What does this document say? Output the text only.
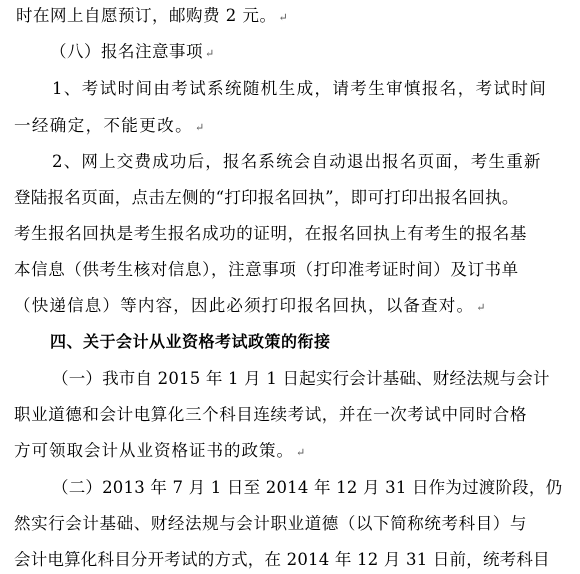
时在网上自愿预订，邮购费 2 元。 ↵
（八）报名注意事项 ↵
1、考试时间由考试系统随机生成，请考生审慎报名，考试时间
一经确定，不能更改。 ↵
2、网上交费成功后，报名系统会自动退出报名页面，考生重新
登陆报名页面，点击左侧的“打印报名回执”，即可打印出报名回执。
考生报名回执是考生报名成功的证明，在报名回执上有考生的报名基
本信息（供考生核对信息），注意事项（打印准考证时间）及订书单
（快递信息）等内容，因此必须打印报名回执，以备查对。 ↵
四、关于会计从业资格考试政策的衔接
（一）我市自 2015 年 1 月 1 日起实行会计基础、财经法规与会计
职业道德和会计电算化三个科目连续考试，并在一次考试中同时合格
方可领取会计从业资格证书的政策。 ↵
（二）2013 年 7 月 1 日至 2014 年 12 月 31 日作为过渡阶段，仍
然实行会计基础、财经法规与会计职业道德（以下简称统考科目）与
会计电算化科目分开考试的方式，在 2014 年 12 月 31 日前，统考科目
